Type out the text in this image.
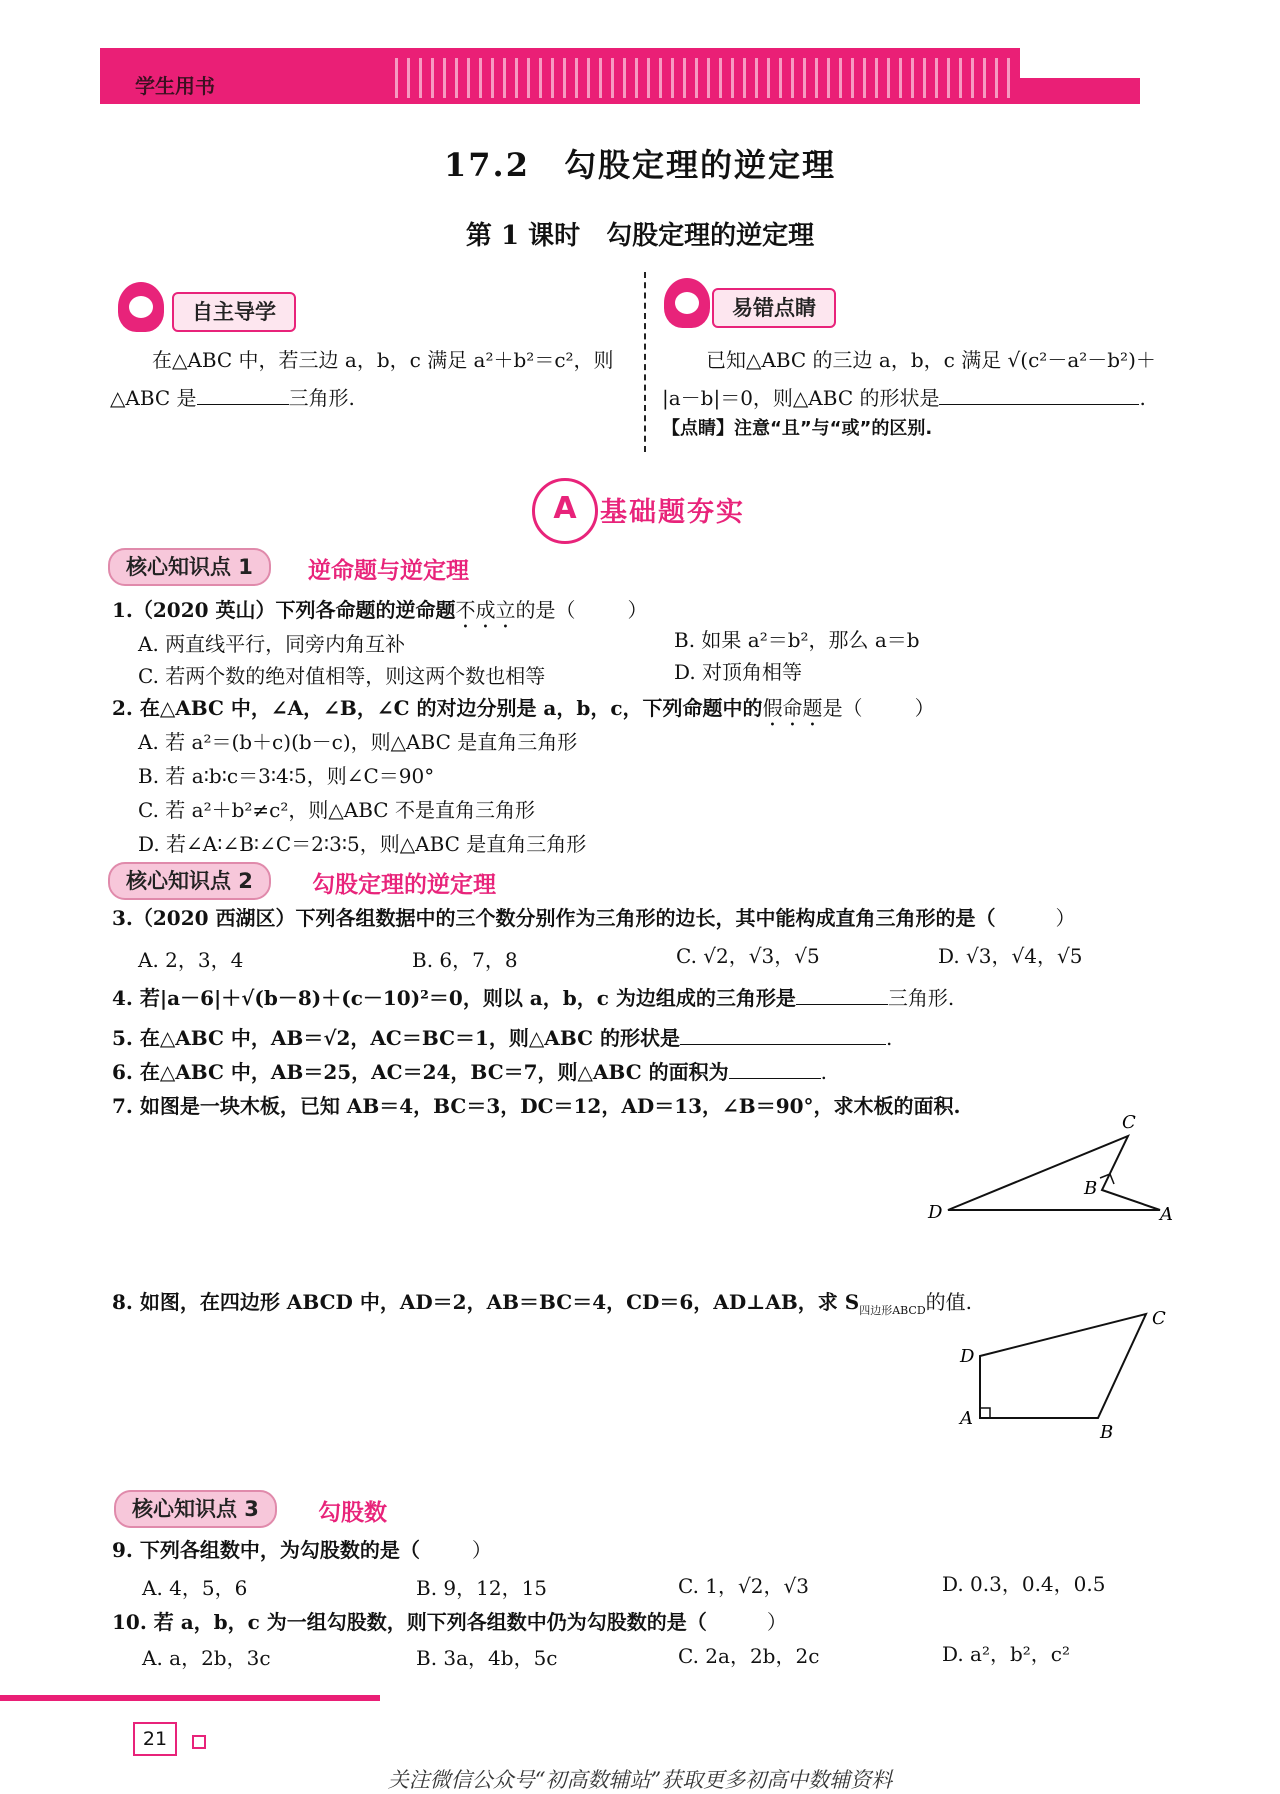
学生用书
17.2　勾股定理的逆定理
第 1 课时　勾股定理的逆定理
自主导学
在△ABC 中，若三边 a，b，c 满足 a²＋b²＝c²，则
△ABC 是	三角形.
易错点睛
已知△ABC 的三边 a，b，c 满足 √(c²－a²－b²)＋
|a－b|＝0，则△ABC 的形状是	.
【点睛】注意“且”与“或”的区别.
A 基础题夯实
核心知识点 1	逆命题与逆定理
1.（2020 英山）下列各命题的逆命题不成立的是（	）
A. 两直线平行，同旁内角互补	B. 如果 a²＝b²，那么 a＝b
C. 若两个数的绝对值相等，则这两个数也相等	D. 对顶角相等
2. 在△ABC 中，∠A，∠B，∠C 的对边分别是 a，b，c，下列命题中的假命题是（	）
A. 若 a²＝(b＋c)(b－c)，则△ABC 是直角三角形
B. 若 a∶b∶c＝3∶4∶5，则∠C＝90°
C. 若 a²＋b²≠c²，则△ABC 不是直角三角形
D. 若∠A∶∠B∶∠C＝2∶3∶5，则△ABC 是直角三角形
核心知识点 2	勾股定理的逆定理
3.（2020 西湖区）下列各组数据中的三个数分别作为三角形的边长，其中能构成直角三角形的是（	）
A. 2，3，4	B. 6，7，8	C. √2，√3，√5	D. √3，√4，√5
4. 若|a－6|＋√(b－8)＋(c－10)²＝0，则以 a，b，c 为边组成的三角形是	三角形.
5. 在△ABC 中，AB＝√2，AC＝BC＝1，则△ABC 的形状是	.
6. 在△ABC 中，AB＝25，AC＝24，BC＝7，则△ABC 的面积为	.
7. 如图是一块木板，已知 AB＝4，BC＝3，DC＝12，AD＝13，∠B＝90°，求木板的面积.
C
B
D	A
8. 如图，在四边形 ABCD 中，AD＝2，AB＝BC＝4，CD＝6，AD⊥AB，求 $S_{四边形ABCD}$的值.
C
D
A
B
核心知识点 3	勾股数
9. 下列各组数中，为勾股数的是（	）
A. 4，5，6	B. 9，12，15	C. 1，√2，√3	D. 0.3，0.4，0.5
10. 若 a，b，c 为一组勾股数，则下列各组数中仍为勾股数的是（	）
A. a，2b，3c	B. 3a，4b，5c	C. 2a，2b，2c	D. a²，b²，c²
21
关注微信公众号“初高数辅站”获取更多初高中数辅资料
